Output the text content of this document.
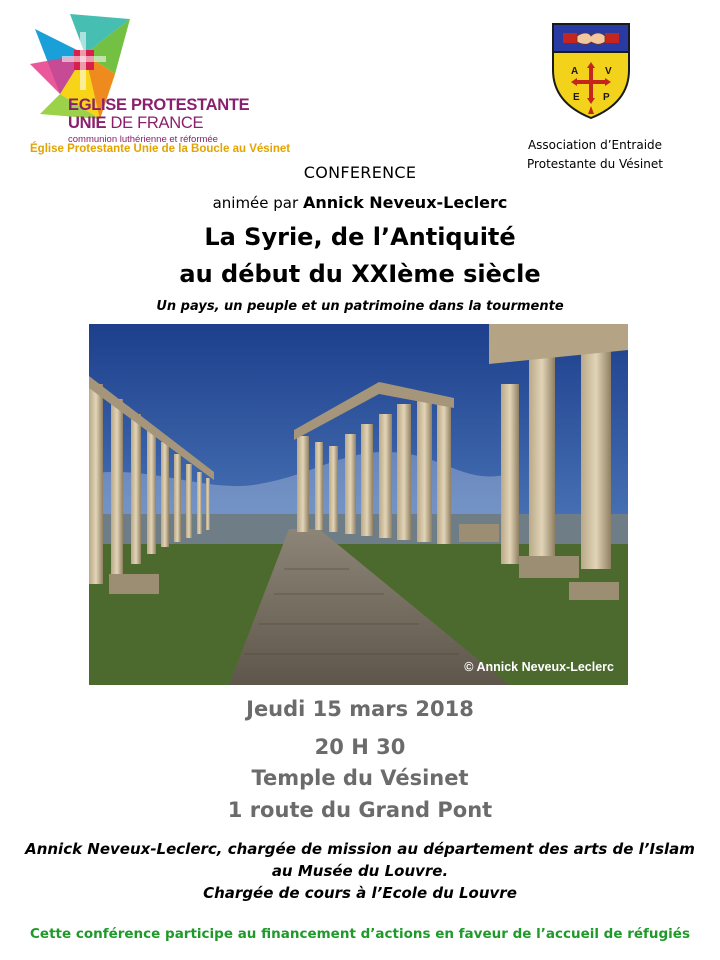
EGLISE PROTESTANTE
UNIE DE FRANCE
communion luthérienne et réformée
Église Protestante Unie de la Boucle au Vésinet
A	V
E P
Association d’Entraide
Protestante du Vésinet
CONFERENCE
animée par Annick Neveux-Leclerc
La Syrie, de l’Antiquité
au début du XXIème siècle
Un pays, un peuple et un patrimoine dans la tourmente
© Annick Neveux-Leclerc
Jeudi 15 mars 2018
20 H 30
Temple du Vésinet
1 route du Grand Pont
Annick Neveux-Leclerc, chargée de mission au département des arts de l’Islam
au Musée du Louvre.
Chargée de cours à l’Ecole du Louvre
Cette conférence participe au financement d’actions en faveur de l’accueil de réfugiés
